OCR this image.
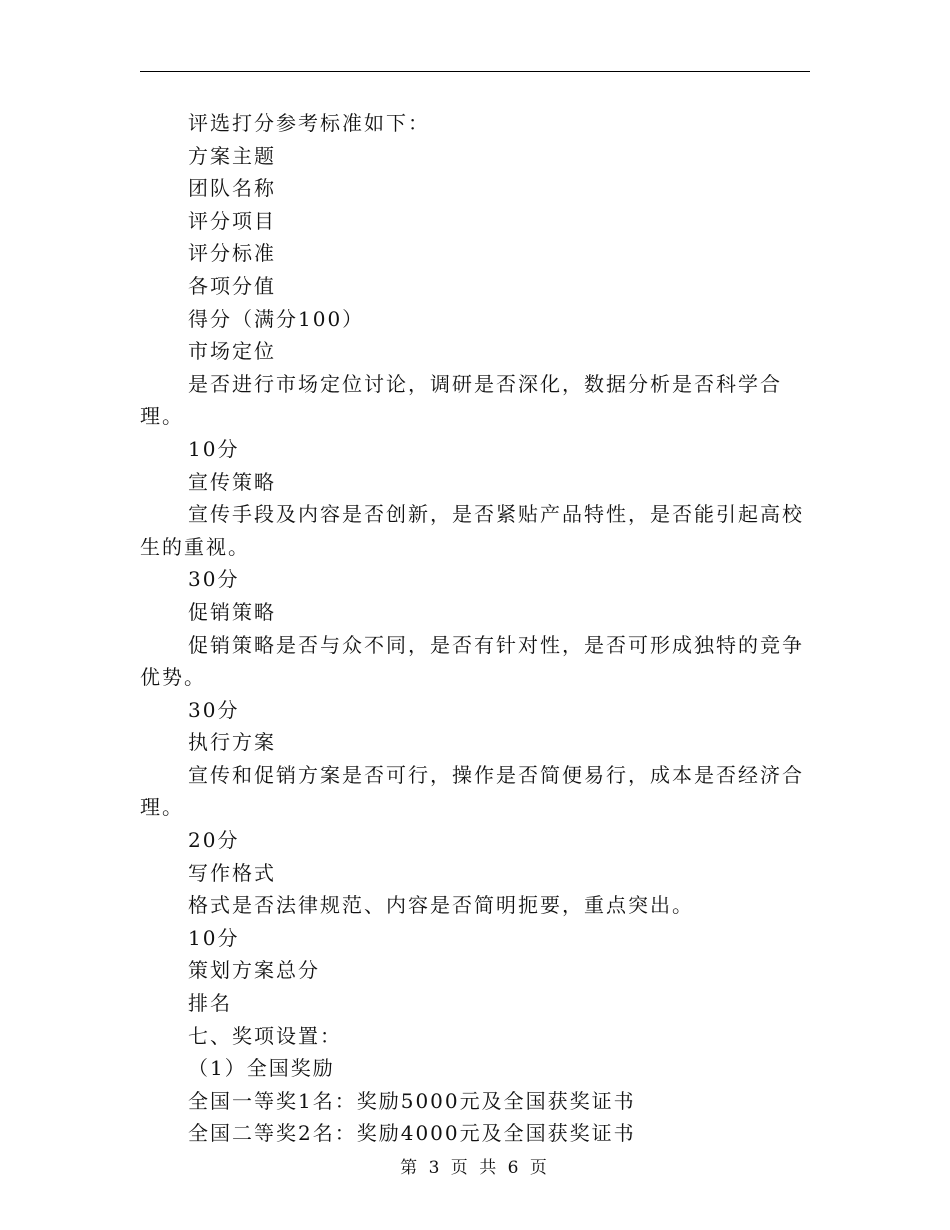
评选打分参考标准如下：

方案主题

团队名称

评分项目

评分标准

各项分值

得分（满分100）

市场定位

是否进行市场定位讨论，调研是否深化，数据分析是否科学合理。

10分

宣传策略

宣传手段及内容是否创新，是否紧贴产品特性，是否能引起高校生的重视。

30分

促销策略

促销策略是否与众不同，是否有针对性，是否可形成独特的竞争优势。

30分

执行方案

宣传和促销方案是否可行，操作是否简便易行，成本是否经济合理。

20分

写作格式

格式是否法律规范、内容是否简明扼要，重点突出。

10分

策划方案总分

排名

七、奖项设置：

（1）全国奖励

全国一等奖1名：奖励5000元及全国获奖证书

全国二等奖2名：奖励4000元及全国获奖证书

第 3 页 共 6 页
